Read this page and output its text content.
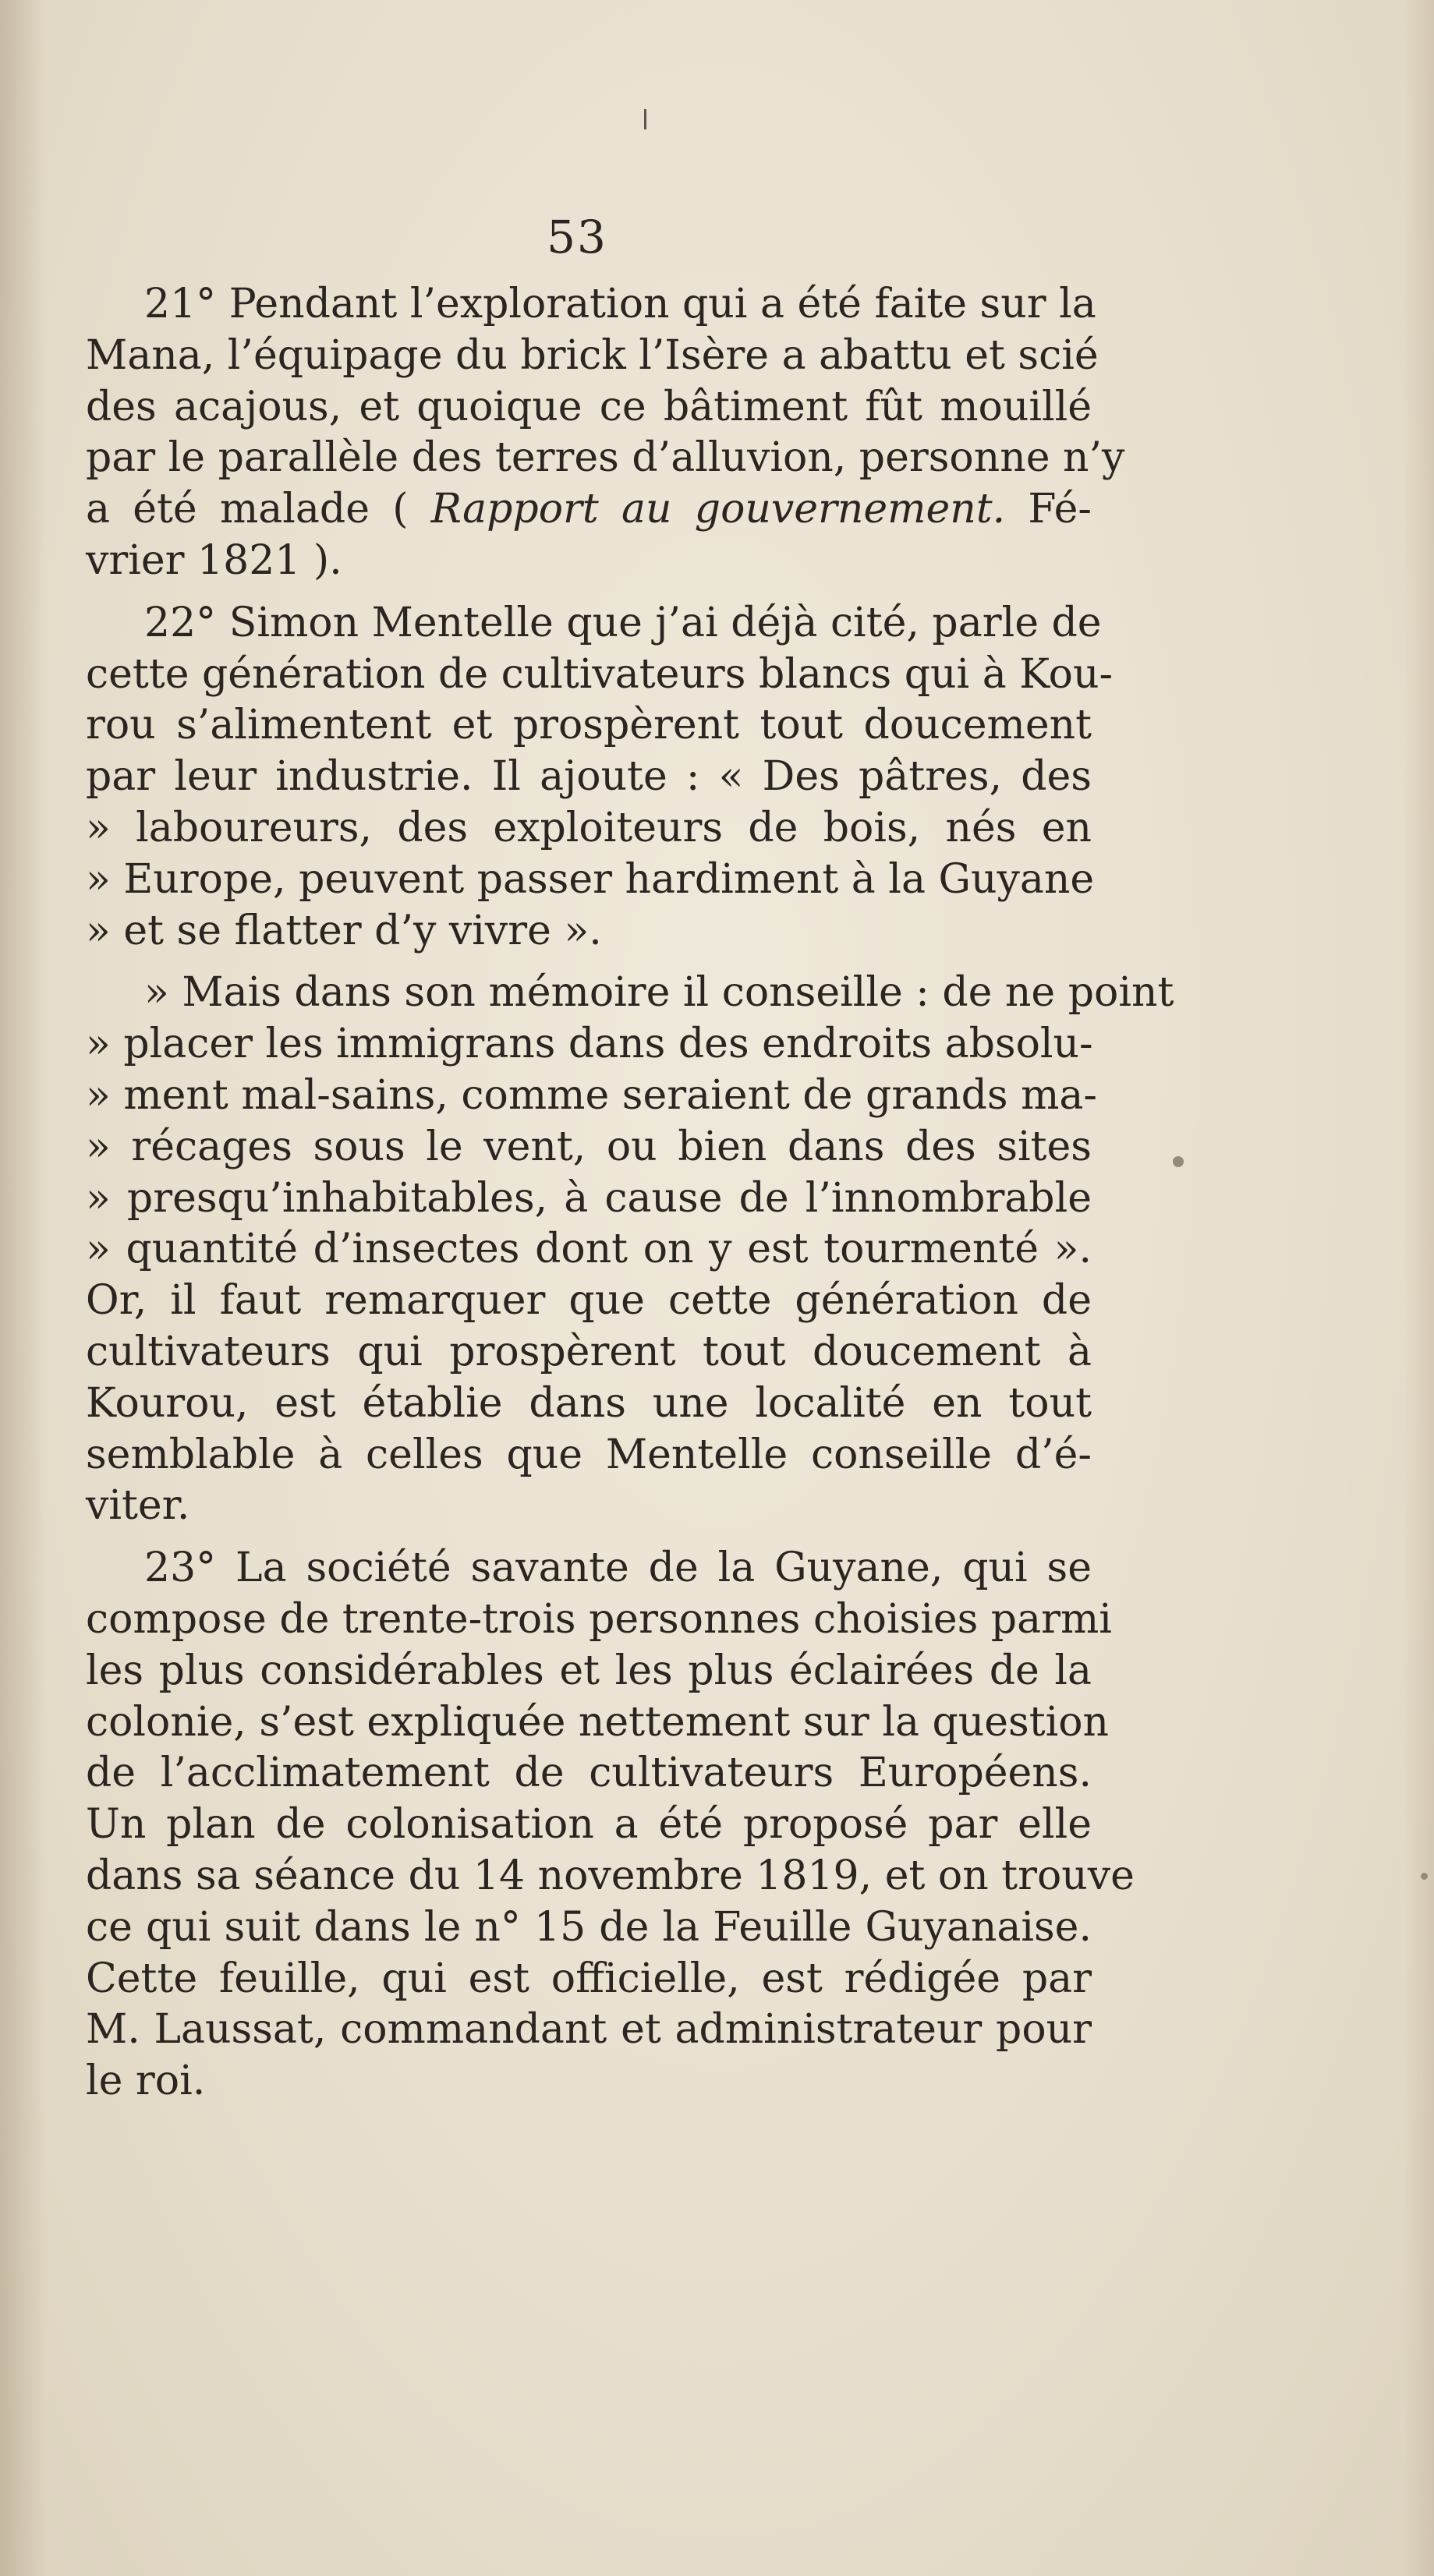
53
21° Pendant l’exploration qui a été faite sur la
Mana, l’équipage du brick l’Isère a abattu et scié
des acajous, et quoique ce bâtiment fût mouillé
par le parallèle des terres d’alluvion, personne n’y
a été malade ( Rapport au gouvernement. Fé-
vrier 1821 ).
22° Simon Mentelle que j’ai déjà cité, parle de
cette génération de cultivateurs blancs qui à Kou-
rou s’alimentent et prospèrent tout doucement
par leur industrie. Il ajoute : « Des pâtres, des
» laboureurs, des exploiteurs de bois, nés en
» Europe, peuvent passer hardiment à la Guyane
» et se flatter d’y vivre ».
» Mais dans son mémoire il conseille : de ne point
» placer les immigrans dans des endroits absolu-
» ment mal-sains, comme seraient de grands ma-
» récages sous le vent, ou bien dans des sites
» presqu’inhabitables, à cause de l’innombrable
» quantité d’insectes dont on y est tourmenté ».
Or, il faut remarquer que cette génération de
cultivateurs qui prospèrent tout doucement à
Kourou, est établie dans une localité en tout
semblable à celles que Mentelle conseille d’é-
viter.
23° La société savante de la Guyane, qui se
compose de trente-trois personnes choisies parmi
les plus considérables et les plus éclairées de la
colonie, s’est expliquée nettement sur la question
de l’acclimatement de cultivateurs Européens.
Un plan de colonisation a été proposé par elle
dans sa séance du 14 novembre 1819, et on trouve
ce qui suit dans le n° 15 de la Feuille Guyanaise.
Cette feuille, qui est officielle, est rédigée par
M. Laussat, commandant et administrateur pour
le roi.
